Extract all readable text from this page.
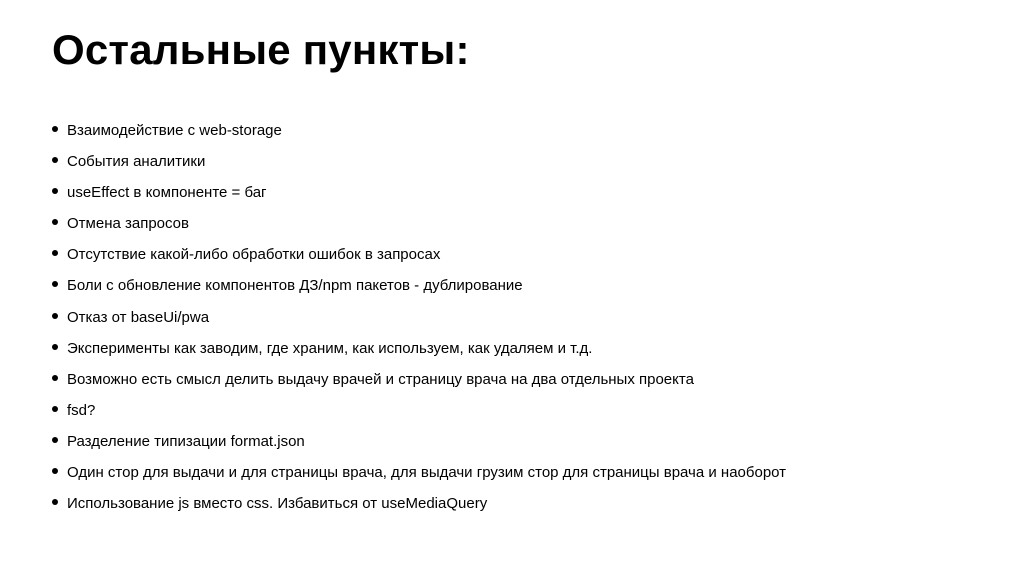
Остальные пункты:
Взаимодействие с web-storage
События аналитики
useEffect в компоненте = баг
Отмена запросов
Отсутствие какой-либо обработки ошибок в запросах
Боли с обновление компонентов ДЗ/npm пакетов - дублирование
Отказ от baseUi/pwa
Эксперименты как заводим, где храним, как используем, как удаляем и т.д.
Возможно есть смысл делить выдачу врачей и страницу врача на два отдельных проекта
fsd?
Разделение типизации format.json
Один стор для выдачи и для страницы врача, для выдачи грузим стор для страницы врача и наоборот
Использование js вместо css. Избавиться от useMediaQuery
